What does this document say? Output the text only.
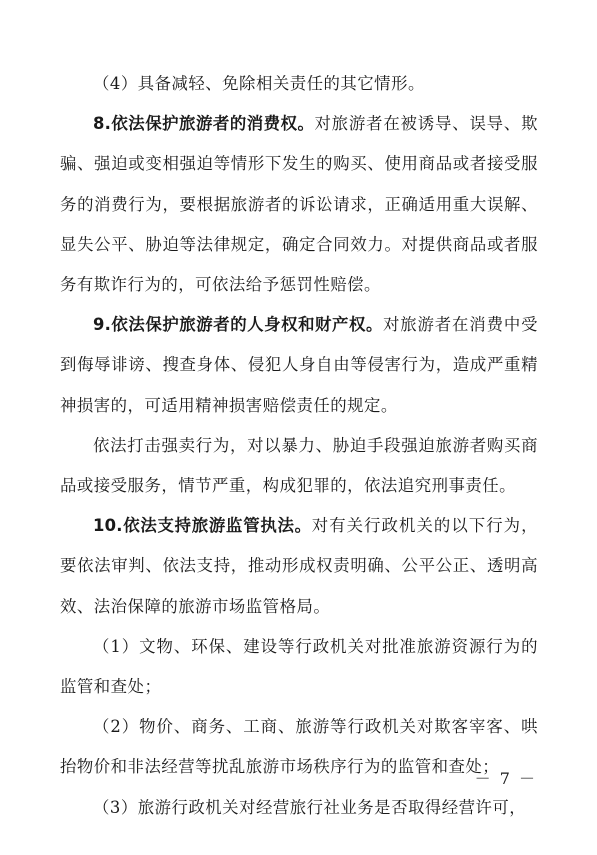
（4）具备减轻、免除相关责任的其它情形。

8.依法保护旅游者的消费权。对旅游者在被诱导、误导、欺骗、强迫或变相强迫等情形下发生的购买、使用商品或者接受服务的消费行为，要根据旅游者的诉讼请求，正确适用重大误解、显失公平、胁迫等法律规定，确定合同效力。对提供商品或者服务有欺诈行为的，可依法给予惩罚性赔偿。

9.依法保护旅游者的人身权和财产权。对旅游者在消费中受到侮辱诽谤、搜查身体、侵犯人身自由等侵害行为，造成严重精神损害的，可适用精神损害赔偿责任的规定。

依法打击强卖行为，对以暴力、胁迫手段强迫旅游者购买商品或接受服务，情节严重，构成犯罪的，依法追究刑事责任。

10.依法支持旅游监管执法。对有关行政机关的以下行为，要依法审判、依法支持，推动形成权责明确、公平公正、透明高效、法治保障的旅游市场监管格局。

（1）文物、环保、建设等行政机关对批准旅游资源行为的监管和查处；

（2）物价、商务、工商、旅游等行政机关对欺客宰客、哄抬物价和非法经营等扰乱旅游市场秩序行为的监管和查处；

（3）旅游行政机关对经营旅行社业务是否取得经营许可，

－ 7 －
